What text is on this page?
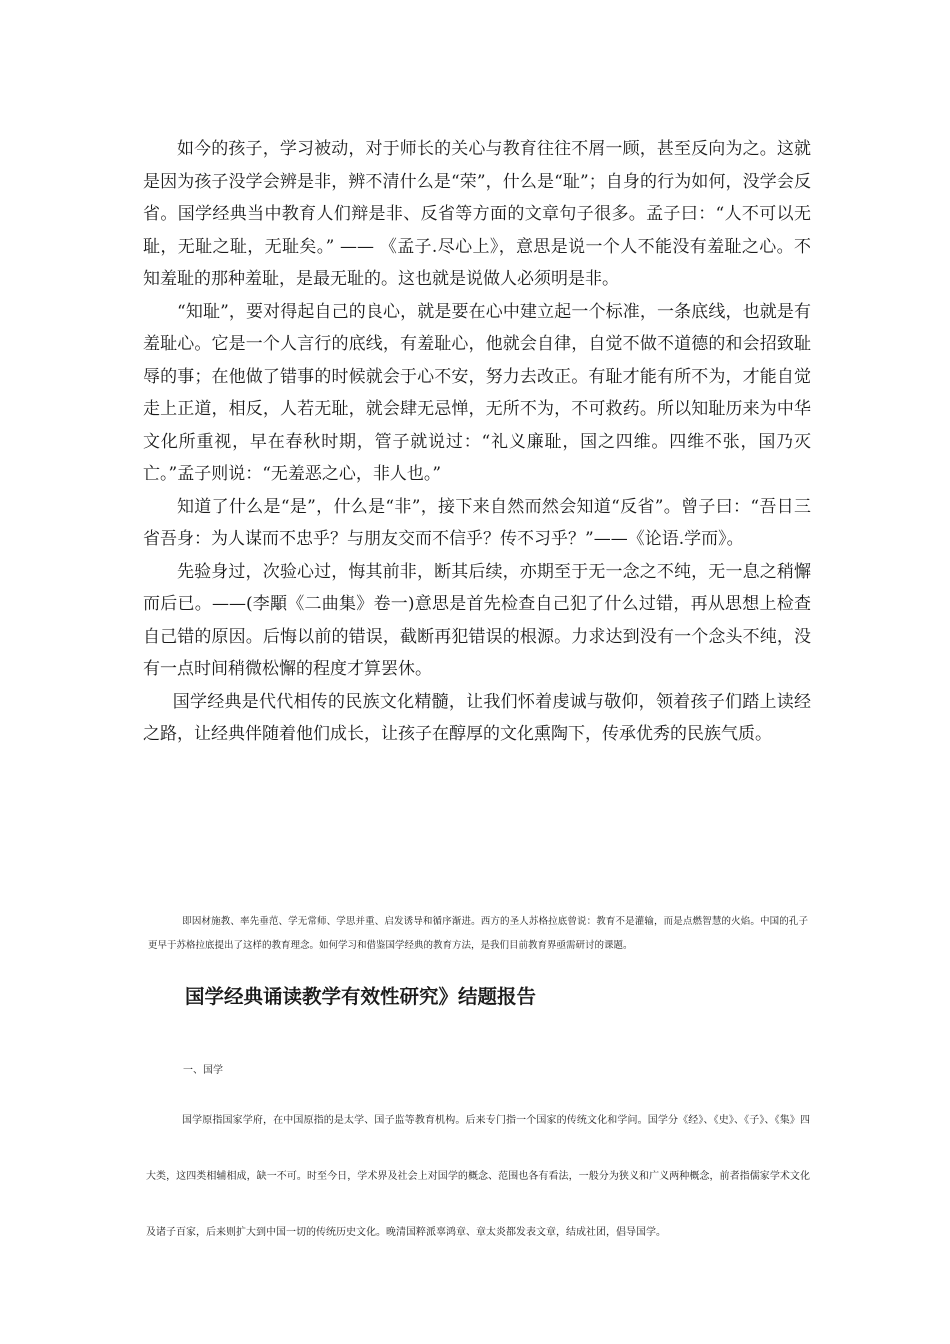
如今的孩子，学习被动，对于师长的关心与教育往往不屑一顾，甚至反向为之。这就是因为孩子没学会辨是非，辨不清什么是“荣”，什么是“耻”；自身的行为如何，没学会反省。国学经典当中教育人们辩是非、反省等方面的文章句子很多。孟子曰：“人不可以无耻，无耻之耻，无耻矣。” —— 《孟子.尽心上》，意思是说一个人不能没有羞耻之心。不知羞耻的那种羞耻，是最无耻的。这也就是说做人必须明是非。

“知耻”，要对得起自己的良心，就是要在心中建立起一个标准，一条底线，也就是有羞耻心。它是一个人言行的底线，有羞耻心，他就会自律，自觉不做不道德的和会招致耻辱的事；在他做了错事的时候就会于心不安，努力去改正。有耻才能有所不为，才能自觉走上正道，相反，人若无耻，就会肆无忌惮，无所不为，不可救药。所以知耻历来为中华文化所重视，早在春秋时期，管子就说过：“礼义廉耻，国之四维。四维不张，国乃灭亡。”孟子则说：“无羞恶之心，非人也。”

知道了什么是“是”，什么是“非”，接下来自然而然会知道“反省”。曾子曰：“吾日三省吾身：为人谋而不忠乎？与朋友交而不信乎？传不习乎？”——《论语.学而》。

先验身过，次验心过，悔其前非，断其后续，亦期至于无一念之不纯，无一息之稍懈而后已。——(李顒《二曲集》卷一)意思是首先检查自己犯了什么过错，再从思想上检查自己错的原因。后悔以前的错误，截断再犯错误的根源。力求达到没有一个念头不纯，没有一点时间稍微松懈的程度才算罢休。

国学经典是代代相传的民族文化精髓，让我们怀着虔诚与敬仰，领着孩子们踏上读经之路，让经典伴随着他们成长，让孩子在醇厚的文化熏陶下，传承优秀的民族气质。

即因材施教、率先垂范、学无常师、学思并重、启发诱导和循序渐进。西方的圣人苏格拉底曾说：教育不是灌输，而是点燃智慧的火焰。中国的孔子更早于苏格拉底提出了这样的教育理念。如何学习和借鉴国学经典的教育方法，是我们目前教育界亟需研讨的课题。

国学经典诵读教学有效性研究》结题报告

一、国学

国学原指国家学府，在中国原指的是太学、国子监等教育机构。后来专门指一个国家的传统文化和学问。国学分《经》、《史》、《子》、《集》四大类，这四类相辅相成，缺一不可。时至今日，学术界及社会上对国学的概念、范围也各有看法，一般分为狭义和广义两种概念，前者指儒家学术文化及诸子百家，后来则扩大到中国一切的传统历史文化。晚清国粹派辜鸿章、章太炎都发表文章，结成社团，倡导国学。
